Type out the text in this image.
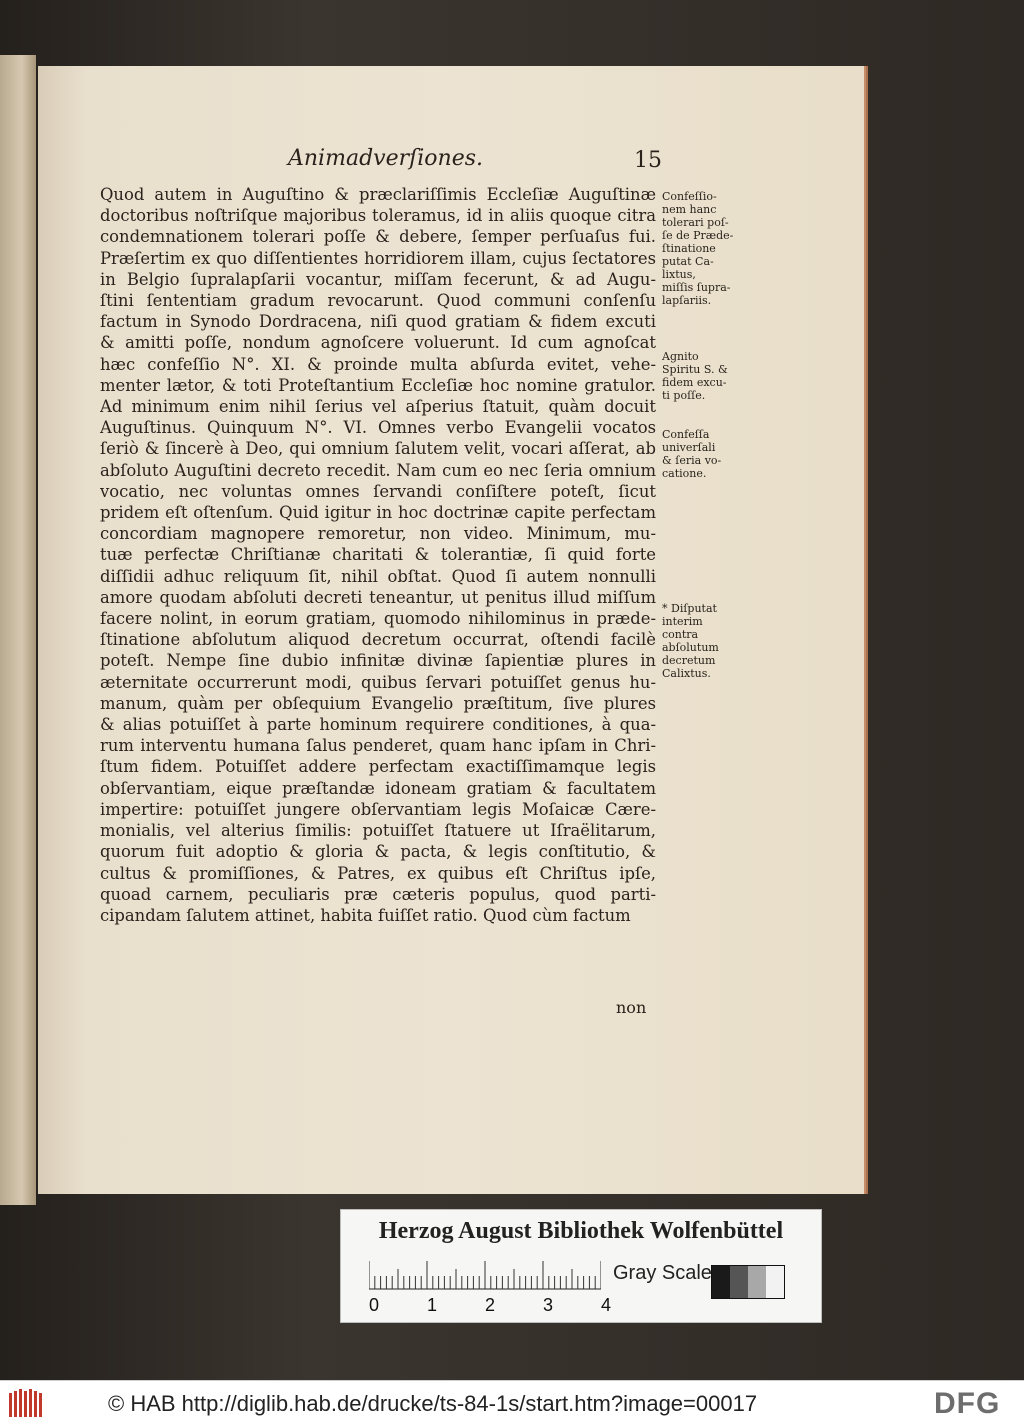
Animadverſiones.	15
Quod autem in Auguſtino & præclariſſimis Eccleſiæ Auguſtinæ
doctoribus noſtriſque majoribus toleramus, id in aliis quoque citra
condemnationem tolerari poſſe & debere, ſemper perſuaſus fui.
Præſertim ex quo diſſentientes horridiorem illam, cujus ſectatores
in Belgio ſupralapſarii vocantur, miſſam fecerunt, & ad Augu-
ſtini ſententiam gradum revocarunt. Quod communi conſenſu
factum in Synodo Dordracena, niſi quod gratiam & fidem excuti
& amitti poſſe, nondum agnoſcere voluerunt. Id cum agnoſcat
hæc confeſſio N°. XI. & proinde multa abſurda evitet, vehe-
menter lætor, & toti Proteſtantium Eccleſiæ hoc nomine gratulor.
Ad minimum enim nihil ſerius vel aſperius ſtatuit, quàm docuit
Auguſtinus. Quinquum N°. VI. Omnes verbo Evangelii vocatos
ſeriò & ſincerè à Deo, qui omnium ſalutem velit, vocari aſſerat, ab
abſoluto Auguſtini decreto recedit. Nam cum eo nec ſeria omnium
vocatio, nec voluntas omnes ſervandi conſiſtere poteſt, ſicut
pridem eſt oſtenſum. Quid igitur in hoc doctrinæ capite perfectam
concordiam magnopere remoretur, non video. Minimum, mu-
tuæ perfectæ Chriſtianæ charitati & tolerantiæ, ſi quid forte
diſſidii adhuc reliquum ſit, nihil obſtat. Quod ſi autem nonnulli
amore quodam abſoluti decreti teneantur, ut penitus illud miſſum
facere nolint, in eorum gratiam, quomodo nihilominus in præde-
ſtinatione abſolutum aliquod decretum occurrat, oſtendi facilè
poteſt. Nempe ſine dubio infinitæ divinæ ſapientiæ plures in
æternitate occurrerunt modi, quibus ſervari potuiſſet genus hu-
manum, quàm per obſequium Evangelio præſtitum, ſive plures
& alias potuiſſet à parte hominum requirere conditiones, à qua-
rum interventu humana ſalus penderet, quam hanc ipſam in Chri-
ſtum fidem. Potuiſſet addere perfectam exactiſſimamque legis
obſervantiam, eique præſtandæ idoneam gratiam & facultatem
impertire: potuiſſet jungere obſervantiam legis Moſaicæ Cære-
monialis, vel alterius ſimilis: potuiſſet ſtatuere ut Iſraëlitarum,
quorum fuit adoptio & gloria & pacta, & legis conſtitutio, &
cultus & promiſſiones, & Patres, ex quibus eſt Chriſtus ipſe,
quoad carnem, peculiaris præ cæteris populus, quod parti-
cipandam ſalutem attinet, habita fuiſſet ratio. Quod cùm factum
non
Confeſſio-
nem hanc
tolerari poſ-
ſe de Præde-
ſtinatione
putat Ca-
lixtus,
miſſis ſupra-
lapſariis.
Agnito
Spiritu S. &
fidem excu-
ti poſſe.
Confeſſa
univerſali
& ſeria vo-
catione.
* Diſputat
interim
contra
abſolutum
decretum
Calixtus.
Herzog August Bibliothek Wolfenbüttel
0	1	2	3	4
Gray Scale
© HAB http://diglib.hab.de/drucke/ts-84-1s/start.htm?image=00017	DFG
